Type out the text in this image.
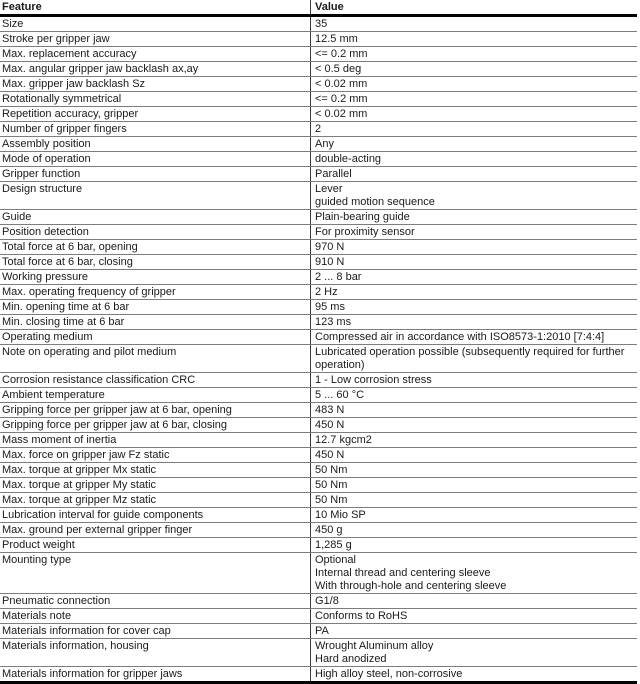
Feature	Value
Size	35
Stroke per gripper jaw	12.5 mm
Max. replacement accuracy	<= 0.2 mm
Max. angular gripper jaw backlash ax,ay	< 0.5 deg
Max. gripper jaw backlash Sz	< 0.02 mm
Rotationally symmetrical	<= 0.2 mm
Repetition accuracy, gripper	< 0.02 mm
Number of gripper fingers	2
Assembly position	Any
Mode of operation	double-acting
Gripper function	Parallel
Design structure	Lever
guided motion sequence
Guide	Plain-bearing guide
Position detection	For proximity sensor
Total force at 6 bar, opening	970 N
Total force at 6 bar, closing	910 N
Working pressure	2 ... 8 bar
Max. operating frequency of gripper	2 Hz
Min. opening time at 6 bar	95 ms
Min. closing time at 6 bar	123 ms
Operating medium	Compressed air in accordance with ISO8573-1:2010 [7:4:4]
Note on operating and pilot medium	Lubricated operation possible (subsequently required for further operation)
Corrosion resistance classification CRC	1 - Low corrosion stress
Ambient temperature	5 ... 60 °C
Gripping force per gripper jaw at 6 bar, opening	483 N
Gripping force per gripper jaw at 6 bar, closing	450 N
Mass moment of inertia	12.7 kgcm2
Max. force on gripper jaw Fz static	450 N
Max. torque at gripper Mx static	50 Nm
Max. torque at gripper My static	50 Nm
Max. torque at gripper Mz static	50 Nm
Lubrication interval for guide components	10 Mio SP
Max. ground per external gripper finger	450 g
Product weight	1,285 g
Mounting type	Optional
Internal thread and centering sleeve
With through-hole and centering sleeve
Pneumatic connection	G1/8
Materials note	Conforms to RoHS
Materials information for cover cap	PA
Materials information, housing	Wrought Aluminum alloy
Hard anodized
Materials information for gripper jaws	High alloy steel, non-corrosive
